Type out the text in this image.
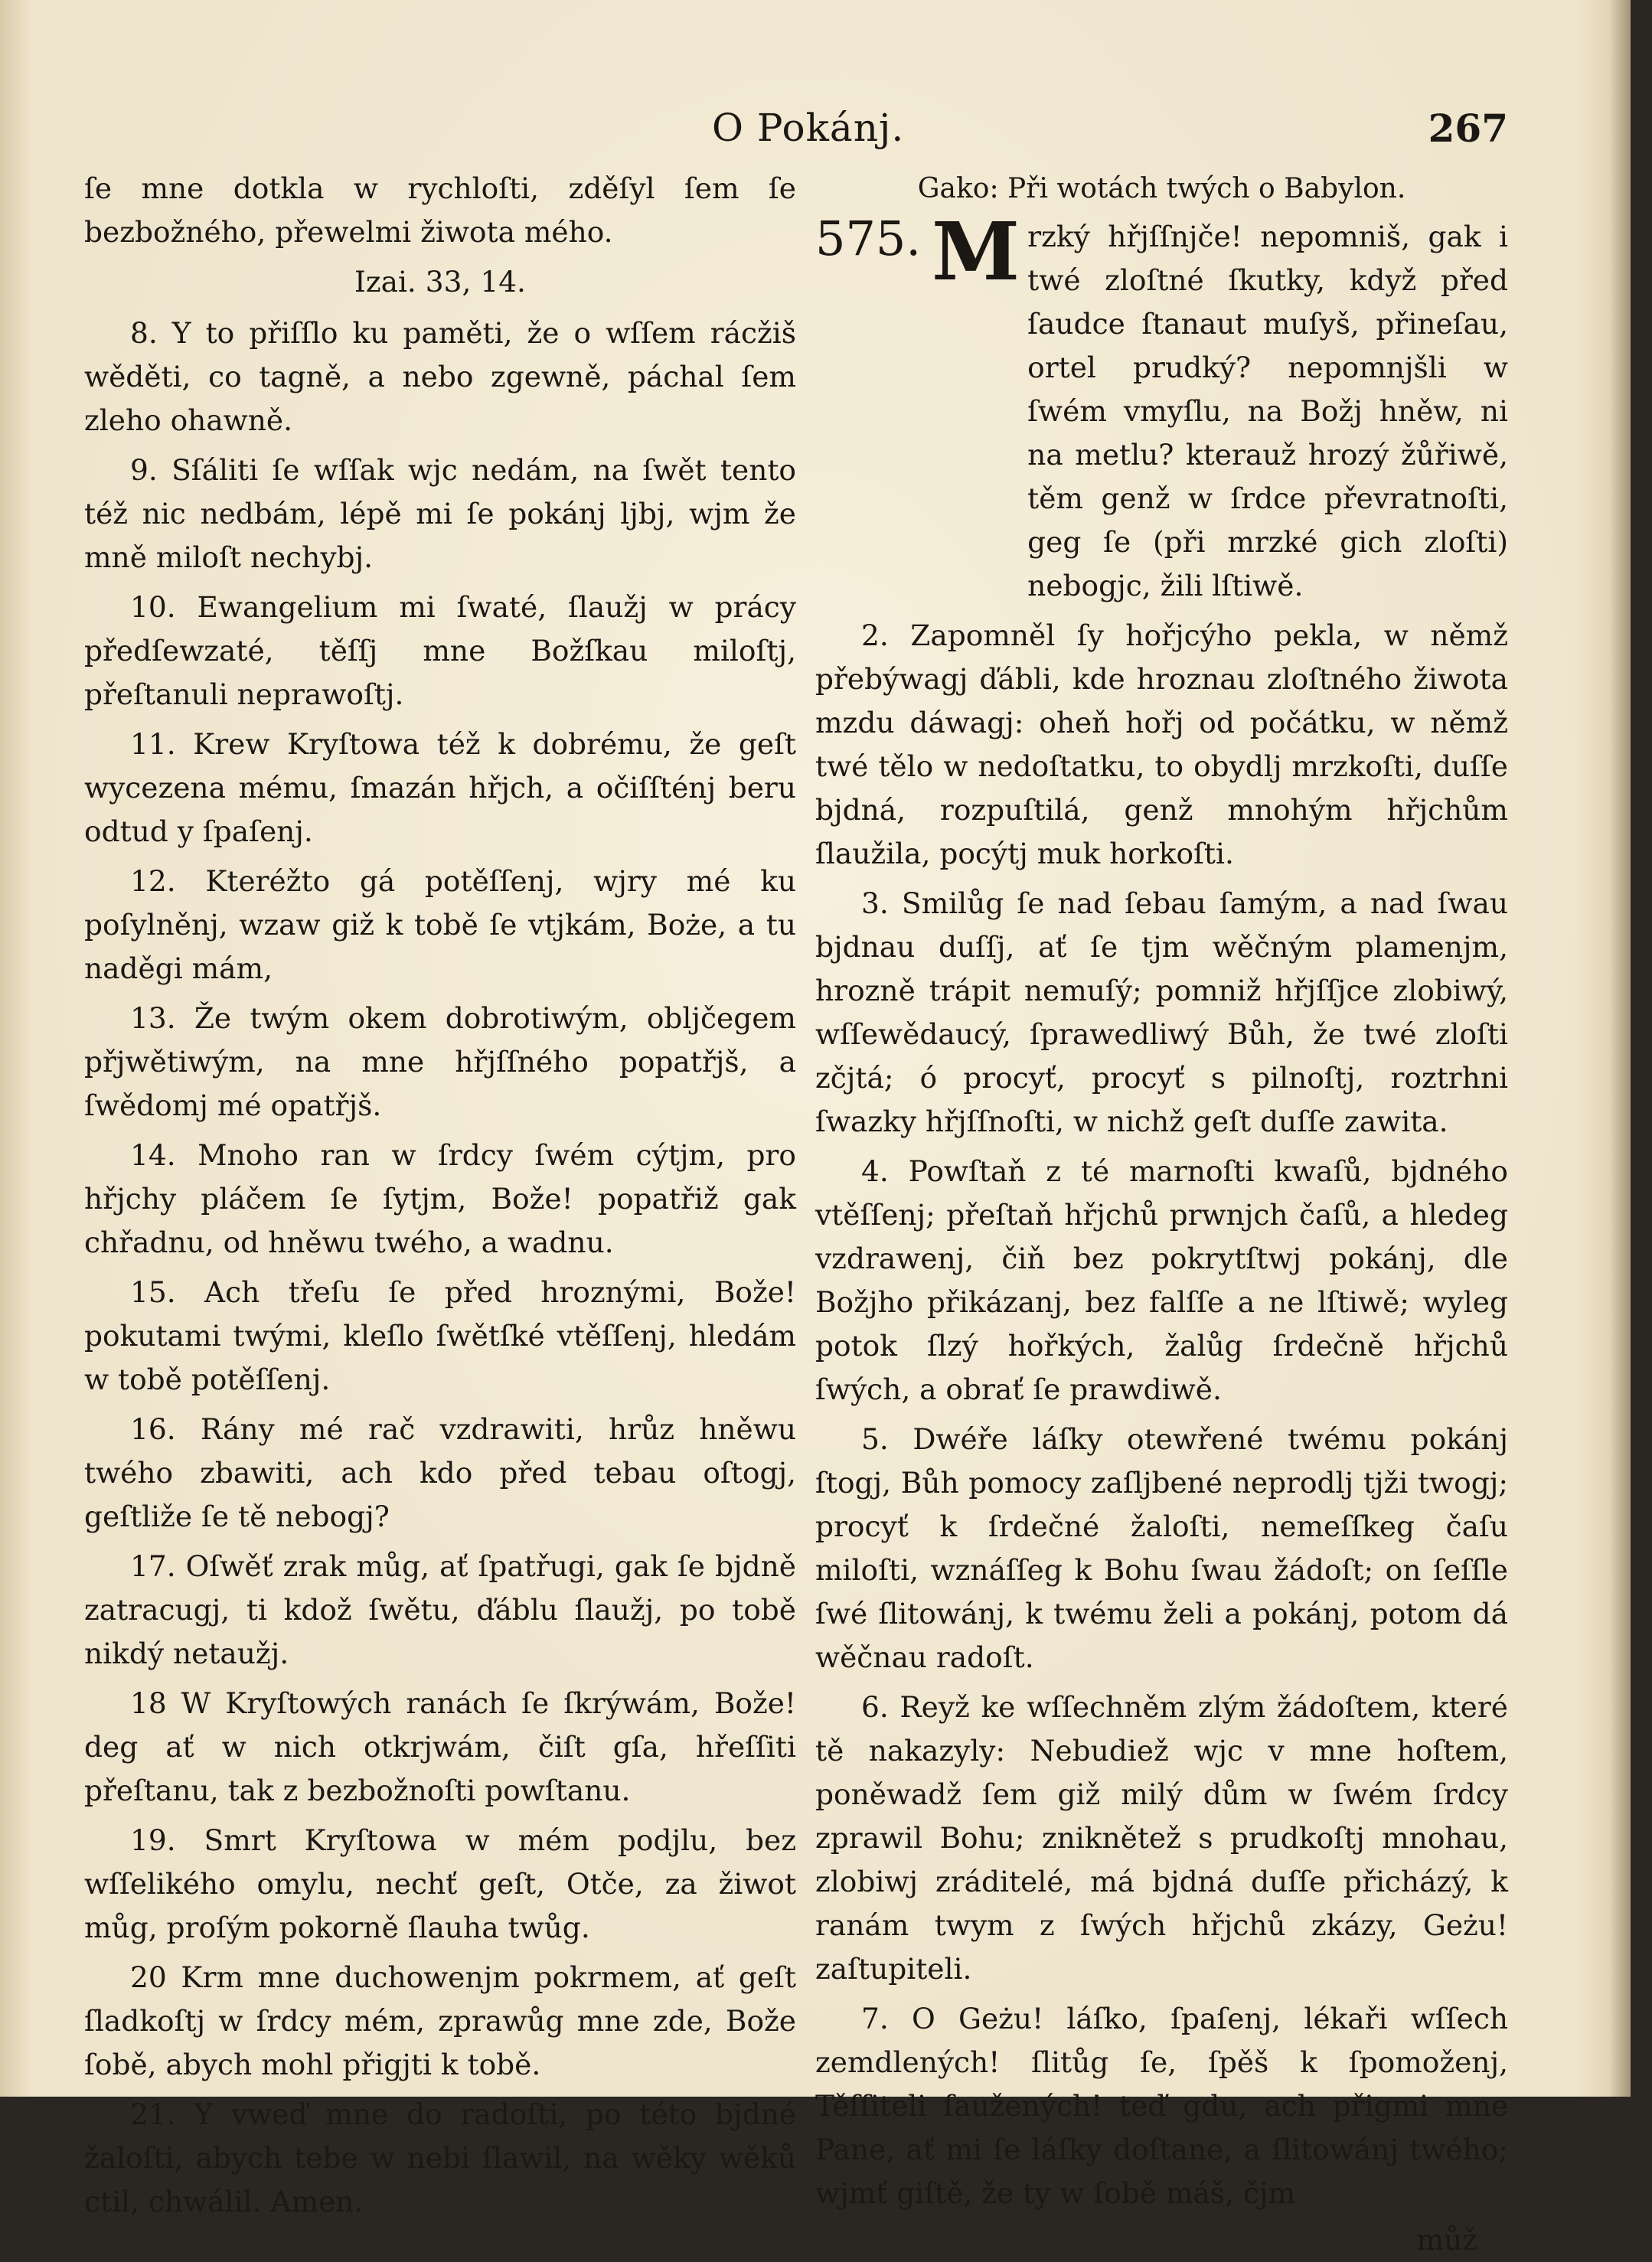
O Pokánj.	267

ſe mne dotkla w rychloſti, zděſyl ſem ſe bezbožného, přewelmi žiwota mého.

Izai. 33, 14.

8. Y to přiſſlo ku paměti, že o wſſem rácžiš wěděti, co tagně, a nebo zgewně, páchal ſem zleho ohawně.

9. Sſáliti ſe wſſak wjc nedám, na ſwět tento též nic nedbám, lépě mi ſe pokánj ljbj, wjm že mně miloſt nechybj.

10. Ewangelium mi ſwaté, ſlaužj w prácy předſewzaté, těſſj mne Božſkau miloſtj, přeſtanuli neprawoſtj.

11. Krew Kryſtowa též k dobrému, že geſt wycezena mému, ſmazán hřjch, a očiſſténj beru odtud y ſpaſenj.

12. Kteréžto gá potěſſenj, wjry mé ku poſylněnj, wzaw giž k tobě ſe vtjkám, Boże, a tu naděgi mám,

13. Že twým okem dobrotiwým, oblјčegem přjwětiwým, na mne hřjſſného popatřjš, a ſwědomj mé opatřjš.

14. Mnoho ran w ſrdcy ſwém cýtjm, pro hřjchy pláčem ſe ſytjm, Bože! popatřiž gak chřadnu, od hněwu twého, a wadnu.

15. Ach třeſu ſe před hroznými, Bože! pokutami twými, kleſlo ſwětſké vtěſſenj, hledám w tobě potěſſenj.

16. Rány mé rač vzdrawiti, hrůz hněwu twého zbawiti, ach kdo před tebau oſtogj, geſtliže ſe tě nebogj?

17. Oſwěť zrak můg, ať ſpatřugi, gak ſe bjdně zatracugj, ti kdož ſwětu, ďáblu ſlaužj, po tobě nikdý netaužj.

18 W Kryſtowých ranách ſe ſkrýwám, Bože! deg ať w nich otkrjwám, čiſt gſa, hřeſſiti přeſtanu, tak z bezbožnoſti powſtanu.

19. Smrt Kryſtowa w mém podjlu, bez wſſelikého omylu, nechť geſt, Otče, za žiwot můg, proſým pokorně ſlauha twůg.

20 Krm mne duchowenjm pokrmem, ať geſt ſladkoſtj w ſrdcy mém, zprawůg mne zde, Bože ſobě, abych mohl přigjti k tobě.

21. Y vweď mne do radoſti, po této bjdné žaloſti, abych tebe w nebi ſlawil, na wěky wěků ctil, chwálil. Amen.

Gako: Při wotách twých o Babylon.
575. M rzký hřjſſnjče! nepomniš, gak i twé zloſtné ſkutky, když před ſaudce ſtanaut muſyš, přineſau, ortel prudký? nepomnjšli w ſwém vmyſlu, na Božj hněw, ni na metlu? kterauž hrozý žůřiwě, těm genž w ſrdce převratnoſti, geg ſe (při mrzké gich zloſti) nebogjc, žili lſtiwě.

2. Zapomněl ſy hořjcýho pekla, w němž přebýwagj ďábli, kde hroznau zloſtného žiwota mzdu dáwagj: oheň hořj od počátku, w němž twé tělo w nedoſtatku, to obydlj mrzkoſti, duſſe bjdná, rozpuſtilá, genž mnohým hřjchům ſlaužila, pocýtj muk horkoſti.

3. Smilůg ſe nad ſebau ſamým, a nad ſwau bjdnau duſſj, ať ſe tjm wěčným plamenjm, hrozně trápit nemuſý; pomniž hřjſſjce zlobiwý, wſſewědaucý, ſprawedliwý Bůh, že twé zloſti zčjtá; ó procyť, procyť s pilnoſtj, roztrhni ſwazky hřjſſnoſti, w nichž geſt duſſe zawita.

4. Powſtaň z té marnoſti kwaſů, bjdného vtěſſenj; přeſtaň hřjchů prwnjch čaſů, a hledeg vzdrawenj, čiň bez pokrytſtwj pokánj, dle Božjho přikázanj, bez falſſe a ne lſtiwě; wyleg potok ſlzý hořkých, žalůg ſrdečně hřjchů ſwých, a obrať ſe prawdiwě.

5. Dwéře láſky otewřené twému pokánj ſtogj, Bůh pomocy zaſljbené neprodlj tjži twogj; procyť k ſrdečné žaloſti, nemeſſkeg čaſu miloſti, wznáſſeg k Bohu ſwau žádoſt; on ſeſſle ſwé ſlitowánj, k twému želi a pokánj, potom dá wěčnau radoſt.

6. Reyž ke wſſechněm zlým žádoſtem, které tě nakazyly: Nebudiež wjc v mne hoſtem, poněwadž ſem giž milý dům w ſwém ſrdcy zprawil Bohu; zniknětež s prudkoſtj mnohau, zlobiwj zráditelé, má bjdná duſſe přicházý, k ranám twym z ſwých hřjchů zkázy, Geżu! zaſtupiteli.

7. O Geżu! láſko, ſpaſenj, lékaři wſſech zemdlených! ſlitůg ſe, ſpěš k ſpomoženj, Těſſiteli ſaužených! teď gdu, ach přigmi mne Pane, ať mi ſe láſky doſtane, a ſlitowánj twého; wjmť giſtě, že ty w ſobě máš, čjm

můž
